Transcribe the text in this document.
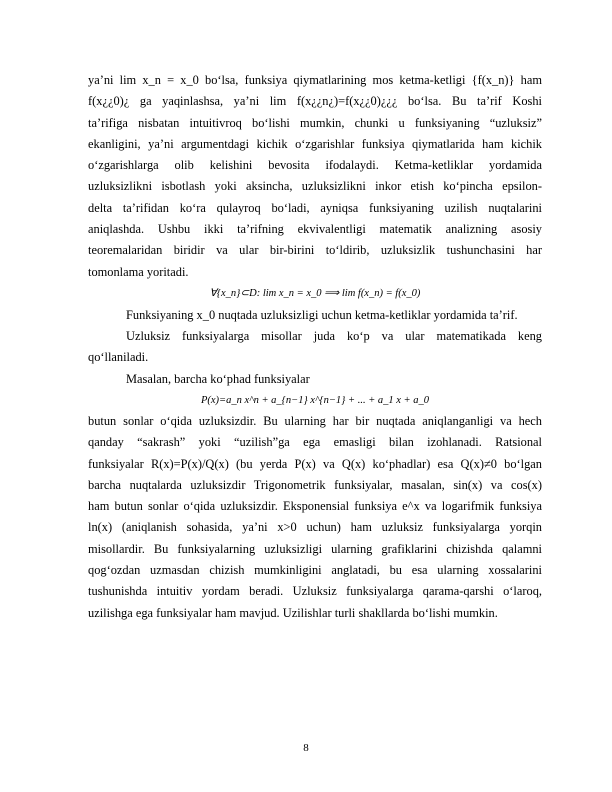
ya’ni lim x_n = x_0 bo‘lsa, funksiya qiymatlarining mos ketma-ketligi {f(x_n)} ham
f(x¿¿0)¿ ga yaqinlashsa, ya’ni lim f(x¿¿n¿)=f(x¿¿0)¿¿¿ bo‘lsa. Bu ta’rif Koshi
ta’rifiga nisbatan intuitivroq bo‘lishi mumkin, chunki u funksiyaning “uzluksiz”
ekanligini, ya’ni argumentdagi kichik o‘zgarishlar funksiya qiymatlarida ham kichik
o‘zgarishlarga olib kelishini bevosita ifodalaydi. Ketma-ketliklar yordamida
uzluksizlikni isbotlash yoki aksincha, uzluksizlikni inkor etish ko‘pincha epsilon-
delta ta’rifidan ko‘ra qulayroq bo‘ladi, ayniqsa funksiyaning uzilish nuqtalarini
aniqlashda. Ushbu ikki ta’rifning ekvivalentligi matematik analizning asosiy
teoremalaridan biridir va ular bir-birini to‘ldirib, uzluksizlik tushunchasini har
tomonlama yoritadi.
∀{x_n}⊂D: lim x_n = x_0 ⟹ lim f(x_n) = f(x_0)
Funksiyaning x_0 nuqtada uzluksizligi uchun ketma-ketliklar yordamida ta’rif.
Uzluksiz funksiyalarga misollar juda ko‘p va ular matematikada keng
qo‘llaniladi.
Masalan, barcha ko‘phad funksiyalar
P(x)=a_n x^n + a_{n−1} x^{n−1} + ... + a_1 x + a_0
butun sonlar o‘qida uzluksizdir. Bu ularning har bir nuqtada aniqlanganligi va hech
qanday “sakrash” yoki “uzilish”ga ega emasligi bilan izohlanadi. Ratsional
funksiyalar R(x)=P(x)/Q(x) (bu yerda P(x) va Q(x) ko‘phadlar) esa Q(x)≠0 bo‘lgan
barcha nuqtalarda uzluksizdir Trigonometrik funksiyalar, masalan, sin(x) va cos(x)
ham butun sonlar o‘qida uzluksizdir. Eksponensial funksiya e^x va logarifmik funksiya
ln(x) (aniqlanish sohasida, ya’ni x>0 uchun) ham uzluksiz funksiyalarga yorqin
misollardir. Bu funksiyalarning uzluksizligi ularning grafiklarini chizishda qalamni
qog‘ozdan uzmasdan chizish mumkinligini anglatadi, bu esa ularning xossalarini
tushunishda intuitiv yordam beradi. Uzluksiz funksiyalarga qarama-qarshi o‘laroq,
uzilishga ega funksiyalar ham mavjud. Uzilishlar turli shakllarda bo‘lishi mumkin.
8
